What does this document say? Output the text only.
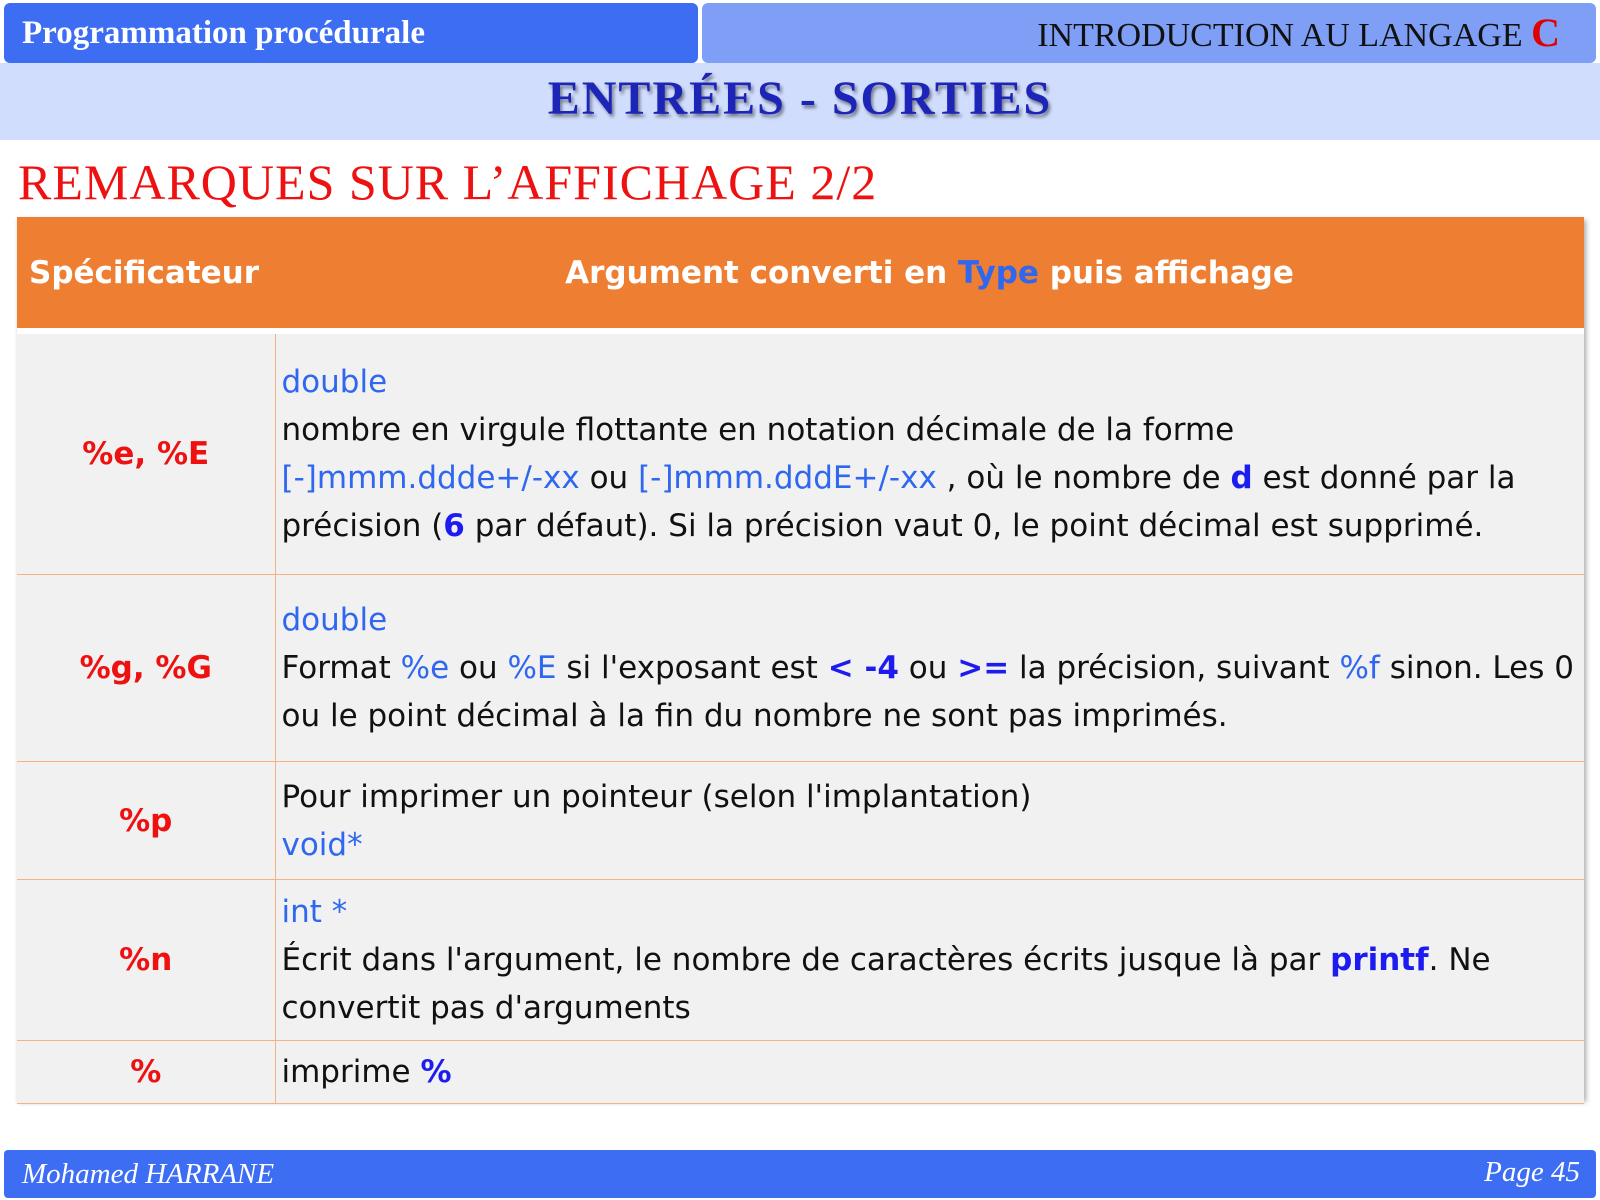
Programmation procédurale	INTRODUCTION AU LANGAGE C
ENTRÉES - SORTIES
REMARQUES SUR L’AFFICHAGE 2/2
Spécificateur	Argument converti en Type puis affichage
%e, %E	double
nombre en virgule flottante en notation décimale de la forme
[-]mmm.ddde+/-xx ou [-]mmm.dddE+/-xx , où le nombre de d est donné par la précision (6 par défaut). Si la précision vaut 0, le point décimal est supprimé.
%g, %G	double
Format %e ou %E si l'exposant est < -4 ou >= la précision, suivant %f sinon. Les 0 ou le point décimal à la fin du nombre ne sont pas imprimés.
%p	Pour imprimer un pointeur (selon l'implantation)
void*

%n	int *
Écrit dans l'argument, le nombre de caractères écrits jusque là par printf. Ne convertit pas d'arguments
%	imprime %
Mohamed HARRANE	Page 45
